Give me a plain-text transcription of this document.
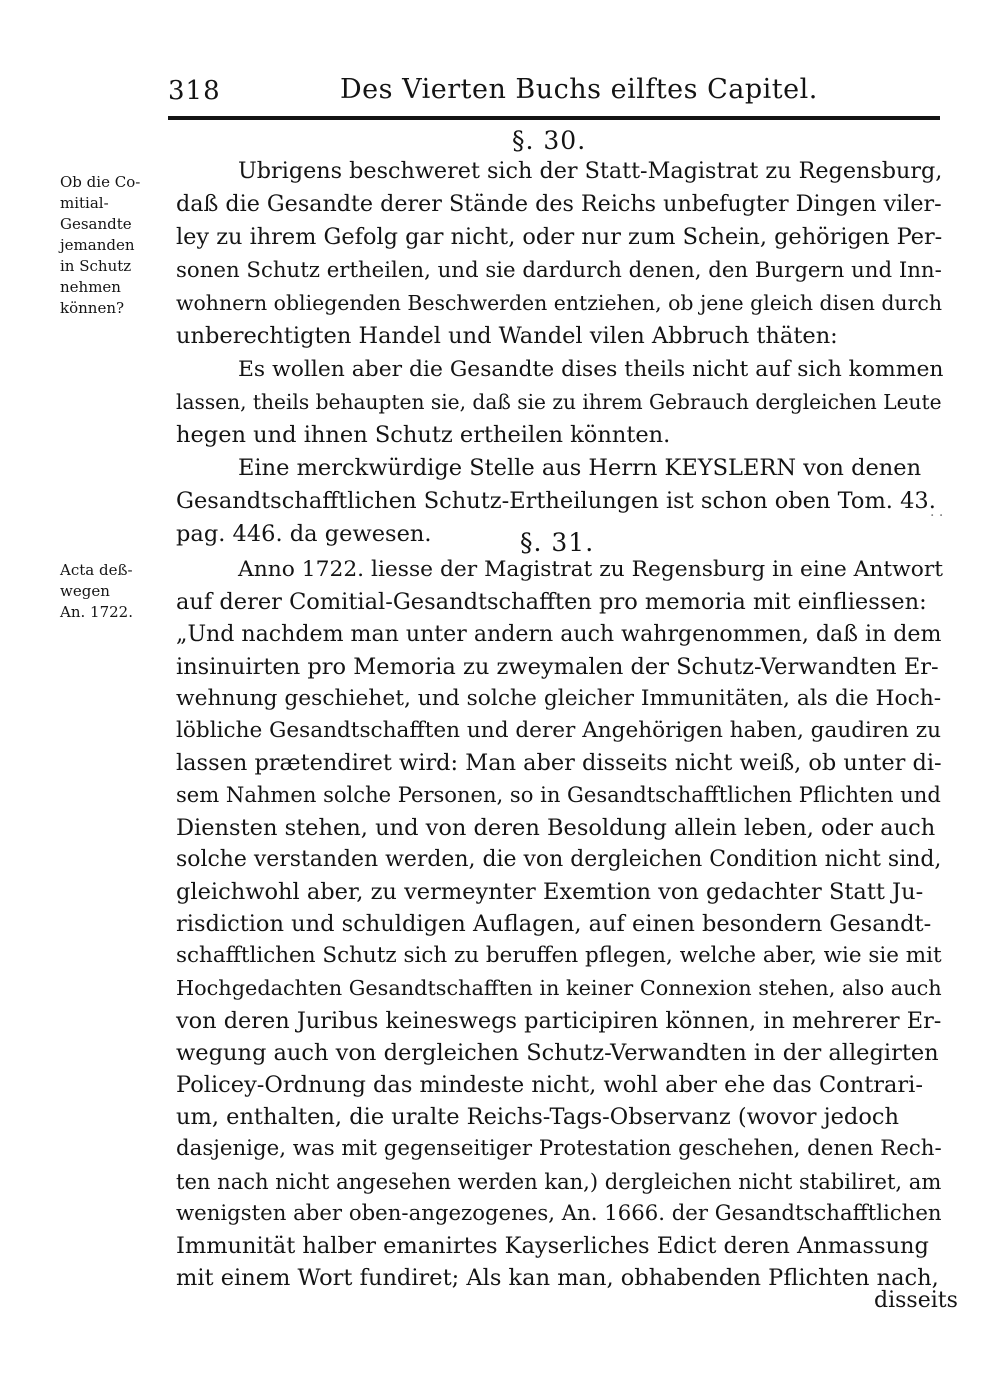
318	Des Vierten Buchs eilftes Capitel.
§. 30.
Ob die Co-
mitial-
Gesandte
jemanden
in Schutz
nehmen
können?
Ubrigens beschweret sich der Statt-Magistrat zu Regensburg,
daß die Gesandte derer Stände des Reichs unbefugter Dingen viler-
ley zu ihrem Gefolg gar nicht, oder nur zum Schein, gehörigen Per-
sonen Schutz ertheilen, und sie dardurch denen, den Burgern und Inn-
wohnern obliegenden Beschwerden entziehen, ob jene gleich disen durch
unberechtigten Handel und Wandel vilen Abbruch thäten:
Es wollen aber die Gesandte dises theils nicht auf sich kommen
lassen, theils behaupten sie, daß sie zu ihrem Gebrauch dergleichen Leute
hegen und ihnen Schutz ertheilen könnten.
Eine merckwürdige Stelle aus Herrn KEYSLERN von denen
Gesandtschafftlichen Schutz-Ertheilungen ist schon oben Tom. 43.
pag. 446. da gewesen.
· ·
§. 31.
Acta deß-
wegen
An. 1722.
Anno 1722. liesse der Magistrat zu Regensburg in eine Antwort
auf derer Comitial-Gesandtschafften pro memoria mit einfliessen:
„Und nachdem man unter andern auch wahrgenommen, daß in dem
insinuirten pro Memoria zu zweymalen der Schutz-Verwandten Er-
wehnung geschiehet, und solche gleicher Immunitäten, als die Hoch-
löbliche Gesandtschafften und derer Angehörigen haben, gaudiren zu
lassen prætendiret wird: Man aber disseits nicht weiß, ob unter di-
sem Nahmen solche Personen, so in Gesandtschafftlichen Pflichten und
Diensten stehen, und von deren Besoldung allein leben, oder auch
solche verstanden werden, die von dergleichen Condition nicht sind,
gleichwohl aber, zu vermeynter Exemtion von gedachter Statt Ju-
risdiction und schuldigen Auflagen, auf einen besondern Gesandt-
schafftlichen Schutz sich zu beruffen pflegen, welche aber, wie sie mit
Hochgedachten Gesandtschafften in keiner Connexion stehen, also auch
von deren Juribus keineswegs participiren können, in mehrerer Er-
wegung auch von dergleichen Schutz-Verwandten in der allegirten
Policey-Ordnung das mindeste nicht, wohl aber ehe das Contrari-
um, enthalten, die uralte Reichs-Tags-Observanz (wovor jedoch
dasjenige, was mit gegenseitiger Protestation geschehen, denen Rech-
ten nach nicht angesehen werden kan,) dergleichen nicht stabiliret, am
wenigsten aber oben-angezogenes, An. 1666. der Gesandtschafftlichen
Immunität halber emanirtes Kayserliches Edict deren Anmassung
mit einem Wort fundiret; Als kan man, obhabenden Pflichten nach,
disseits
